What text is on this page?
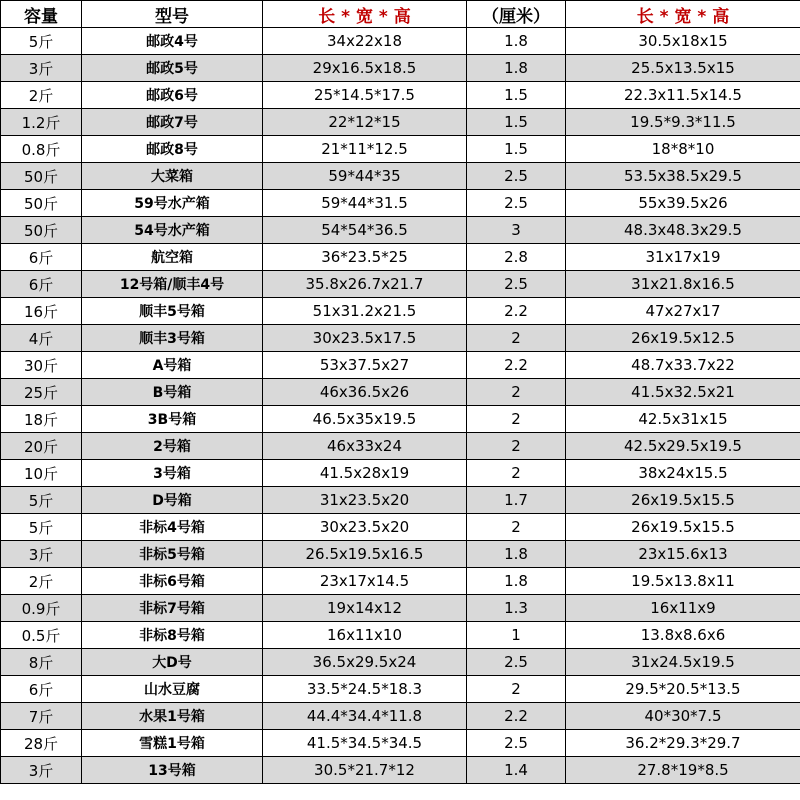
容量	型号	长 * 宽 * 高	（厘米）	长 * 宽 * 高
5斤	邮政4号	34x22x18	1.8	30.5x18x15
3斤	邮政5号	29x16.5x18.5	1.8	25.5x13.5x15
2斤	邮政6号	25*14.5*17.5	1.5	22.3x11.5x14.5
1.2斤	邮政7号	22*12*15	1.5	19.5*9.3*11.5
0.8斤	邮政8号	21*11*12.5	1.5	18*8*10
50斤	大菜箱	59*44*35	2.5	53.5x38.5x29.5
50斤	59号水产箱	59*44*31.5	2.5	55x39.5x26
50斤	54号水产箱	54*54*36.5	3	48.3x48.3x29.5
6斤	航空箱	36*23.5*25	2.8	31x17x19
6斤	12号箱/顺丰4号	35.8x26.7x21.7	2.5	31x21.8x16.5
16斤	顺丰5号箱	51x31.2x21.5	2.2	47x27x17
4斤	顺丰3号箱	30x23.5x17.5	2	26x19.5x12.5
30斤	A号箱	53x37.5x27	2.2	48.7x33.7x22
25斤	B号箱	46x36.5x26	2	41.5x32.5x21
18斤	3B号箱	46.5x35x19.5	2	42.5x31x15
20斤	2号箱	46x33x24	2	42.5x29.5x19.5
10斤	3号箱	41.5x28x19	2	38x24x15.5
5斤	D号箱	31x23.5x20	1.7	26x19.5x15.5
5斤	非标4号箱	30x23.5x20	2	26x19.5x15.5
3斤	非标5号箱	26.5x19.5x16.5	1.8	23x15.6x13
2斤	非标6号箱	23x17x14.5	1.8	19.5x13.8x11
0.9斤	非标7号箱	19x14x12	1.3	16x11x9
0.5斤	非标8号箱	16x11x10	1	13.8x8.6x6
8斤	大D号	36.5x29.5x24	2.5	31x24.5x19.5
6斤	山水豆腐	33.5*24.5*18.3	2	29.5*20.5*13.5
7斤	水果1号箱	44.4*34.4*11.8	2.2	40*30*7.5
28斤	雪糕1号箱	41.5*34.5*34.5	2.5	36.2*29.3*29.7
3斤	13号箱	30.5*21.7*12	1.4	27.8*19*8.5
